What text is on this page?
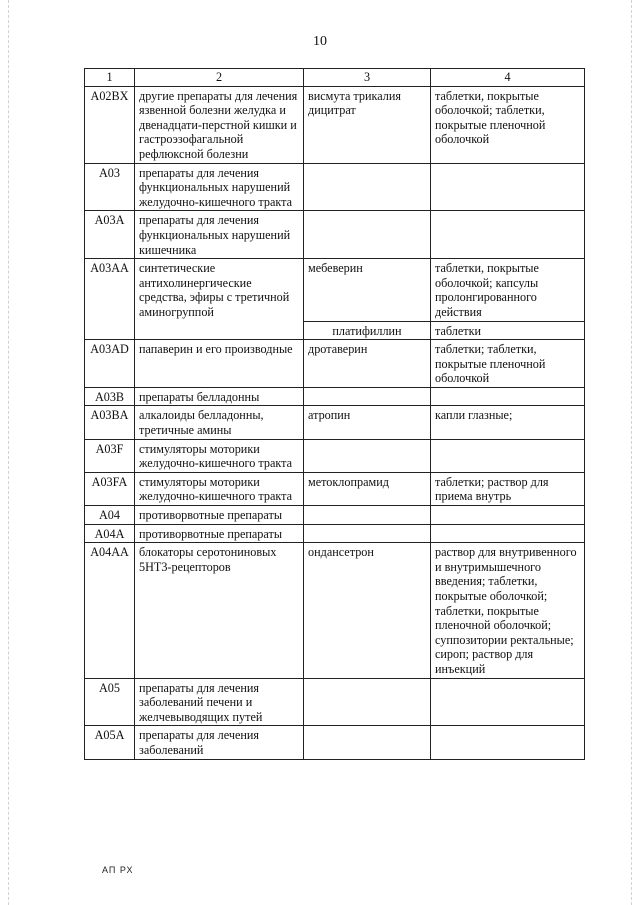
10
1	2	3	4
A02BX	другие препараты для лечения язвенной болезни желудка и двенадцати-перстной кишки и гастроэзофагальной рефлюксной болезни	висмута трикалия дицитрат	таблетки, покрытые оболочкой; таблетки, покрытые пленочной оболочкой
A03	препараты для лечения функциональных нарушений желудочно-кишечного тракта		
A03A	препараты для лечения функциональных нарушений кишечника		
A03AA	синтетические антихолинергические средства, эфиры с третичной аминогруппой	мебеверин	таблетки, покрытые оболочкой; капсулы пролонгированного действия
		платифиллин	таблетки
A03AD	папаверин и его производные	дротаверин	таблетки; таблетки, покрытые пленочной оболочкой
A03B	препараты белладонны		
A03BA	алкалоиды белладонны, третичные амины	атропин	капли глазные;
A03F	стимуляторы моторики желудочно-кишечного тракта		
A03FA	стимуляторы моторики желудочно-кишечного тракта	метоклопрамид	таблетки; раствор для приема внутрь
A04	противорвотные препараты		
A04A	противорвотные препараты		
A04AA	блокаторы серотониновых 5НТ3-рецепторов	ондансетрон	раствор для внутривенного и внутримышечного введения; таблетки, покрытые оболочкой; таблетки, покрытые пленочной оболочкой; суппозитории ректальные; сироп; раствор для инъекций
A05	препараты для лечения заболеваний печени и желчевыводящих путей		
A05A	препараты для лечения заболеваний		
АП РХ
